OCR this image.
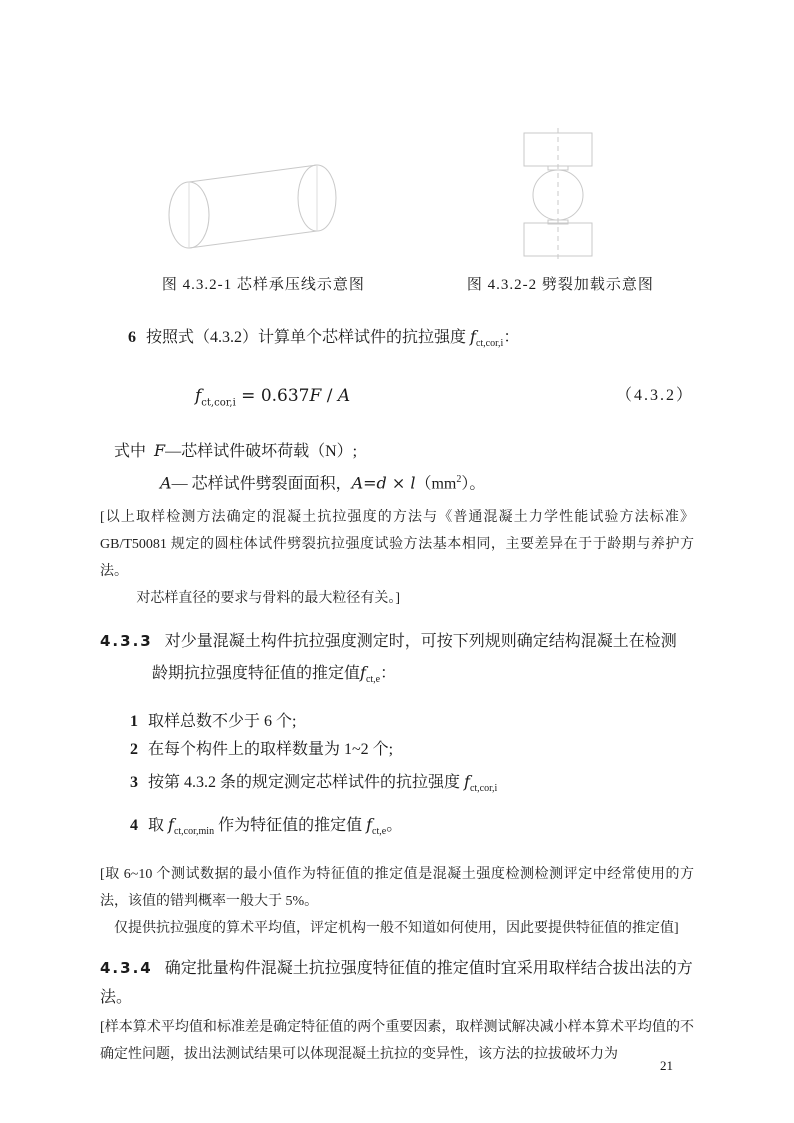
图 4.3.2-1 芯样承压线示意图	图 4.3.2-2 劈裂加载示意图

6 按照式（4.3.2）计算单个芯样试件的抗拉强度 $f_{ct,cor,i}$：

$f_{ct,cor,i} = 0.637F / A$	（4.3.2）

式中 F—芯样试件破坏荷载（N）;

A— 芯样试件劈裂面面积，$A=d \times l(mm^2)$。

[以上取样检测方法确定的混凝土抗拉强度的方法与《普通混凝土力学性能试验方法标准》GB/T50081 规定的圆柱体试件劈裂抗拉强度试验方法基本相同，主要差异在于于龄期与养护方法。

对芯样直径的要求与骨料的最大粒径有关。]

4.3.3 对少量混凝土构件抗拉强度测定时，可按下列规则确定结构混凝土在检测
龄期抗拉强度特征值的推定值$f_{ct,e}$：

1 取样总数不少于 6 个;

2 在每个构件上的取样数量为 1~2 个;

3 按第 4.3.2 条的规定测定芯样试件的抗拉强度 $f_{ct,cor,i}$

4 取 $f_{ct,cor,min}$ 作为特征值的推定值 $f_{ct,e}$。

[取 6~10 个测试数据的最小值作为特征值的推定值是混凝土强度检测检测评定中经常使用的方法，该值的错判概率一般大于 5%。

仅提供抗拉强度的算术平均值，评定机构一般不知道如何使用，因此要提供特征值的推定值]

4.3.4 确定批量构件混凝土抗拉强度特征值的推定值时宜采用取样结合拔出法的方法。

[样本算术平均值和标准差是确定特征值的两个重要因素，取样测试解决减小样本算术平均值的不确定性问题，拔出法测试结果可以体现混凝土抗拉的变异性，该方法的拉拔破坏力为

21
